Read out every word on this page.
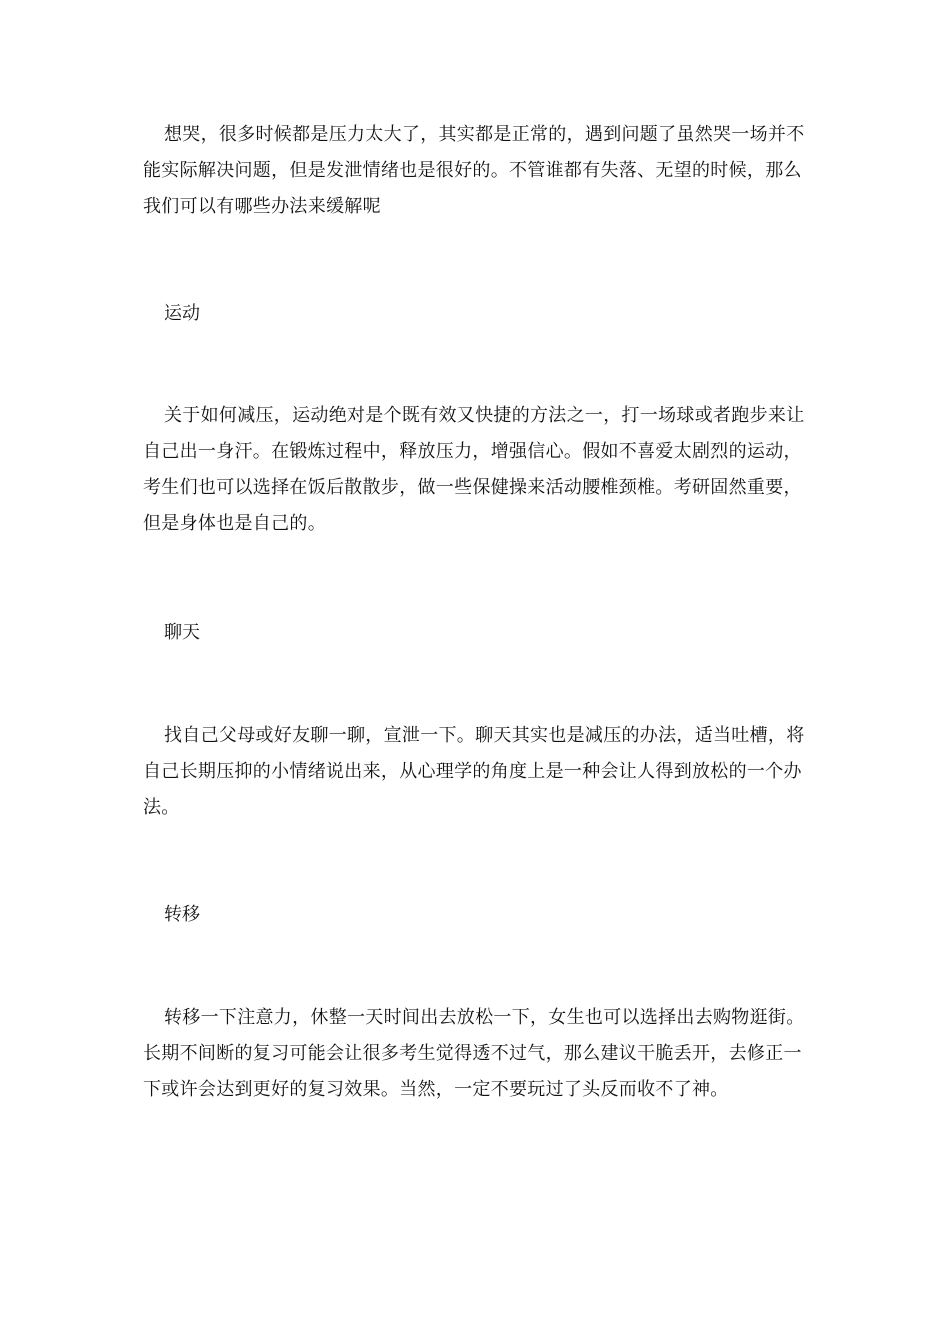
想哭，很多时候都是压力太大了，其实都是正常的，遇到问题了虽然哭一场并不能实际解决问题，但是发泄情绪也是很好的。不管谁都有失落、无望的时候，那么我们可以有哪些办法来缓解呢

运动

关于如何减压，运动绝对是个既有效又快捷的方法之一，打一场球或者跑步来让自己出一身汗。在锻炼过程中，释放压力，增强信心。假如不喜爱太剧烈的运动，考生们也可以选择在饭后散散步，做一些保健操来活动腰椎颈椎。考研固然重要，但是身体也是自己的。

聊天

找自己父母或好友聊一聊，宣泄一下。聊天其实也是减压的办法，适当吐槽，将自己长期压抑的小情绪说出来，从心理学的角度上是一种会让人得到放松的一个办法。

转移

转移一下注意力，休整一天时间出去放松一下，女生也可以选择出去购物逛街。长期不间断的复习可能会让很多考生觉得透不过气，那么建议干脆丢开，去修正一下或许会达到更好的复习效果。当然，一定不要玩过了头反而收不了神。
